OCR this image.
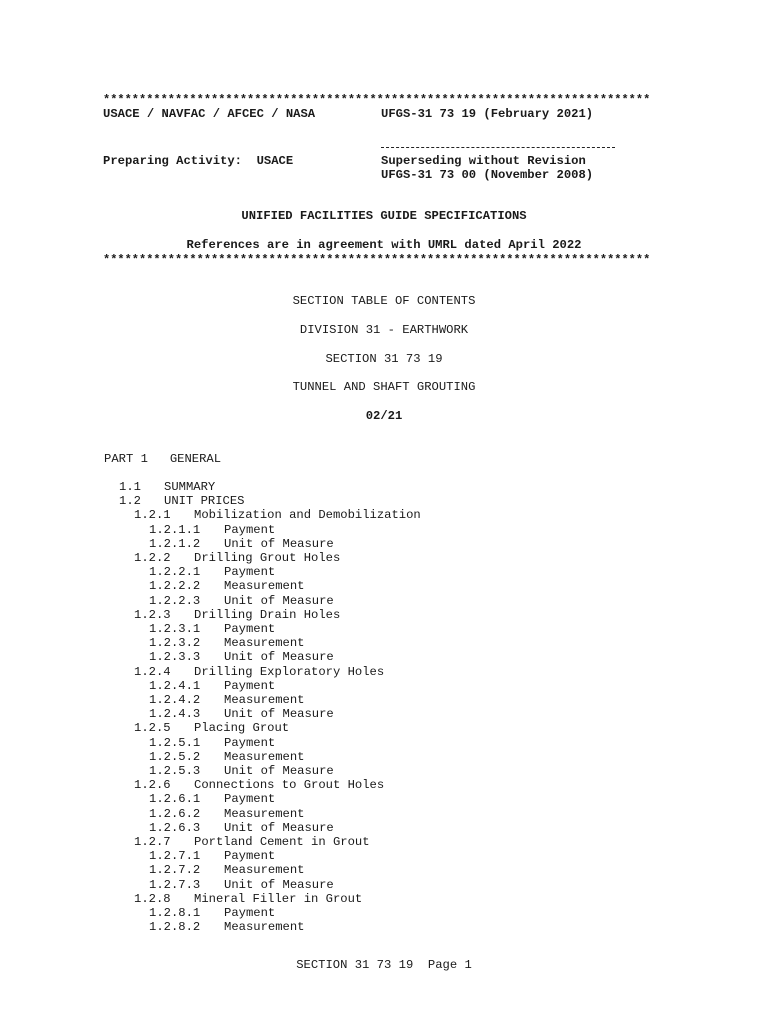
****************************************************************************
USACE / NAVFAC / AFCEC / NASA	UFGS-31 73 19 (February 2021)
Preparing Activity:  USACE	Superseding without Revision
UFGS-31 73 00 (November 2008)
UNIFIED FACILITIES GUIDE SPECIFICATIONS
References are in agreement with UMRL dated April 2022
****************************************************************************
SECTION TABLE OF CONTENTS
DIVISION 31 - EARTHWORK
SECTION 31 73 19
TUNNEL AND SHAFT GROUTING
02/21
PART 1   GENERAL
1.1 SUMMARY
1.2 UNIT PRICES
1.2.1 Mobilization and Demobilization
1.2.1.1 Payment
1.2.1.2 Unit of Measure
1.2.2 Drilling Grout Holes
1.2.2.1 Payment
1.2.2.2 Measurement
1.2.2.3 Unit of Measure
1.2.3 Drilling Drain Holes
1.2.3.1 Payment
1.2.3.2 Measurement
1.2.3.3 Unit of Measure
1.2.4 Drilling Exploratory Holes
1.2.4.1 Payment
1.2.4.2 Measurement
1.2.4.3 Unit of Measure
1.2.5 Placing Grout
1.2.5.1 Payment
1.2.5.2 Measurement
1.2.5.3 Unit of Measure
1.2.6 Connections to Grout Holes
1.2.6.1 Payment
1.2.6.2 Measurement
1.2.6.3 Unit of Measure
1.2.7 Portland Cement in Grout
1.2.7.1 Payment
1.2.7.2 Measurement
1.2.7.3 Unit of Measure
1.2.8 Mineral Filler in Grout
1.2.8.1 Payment
1.2.8.2 Measurement
SECTION 31 73 19  Page 1
